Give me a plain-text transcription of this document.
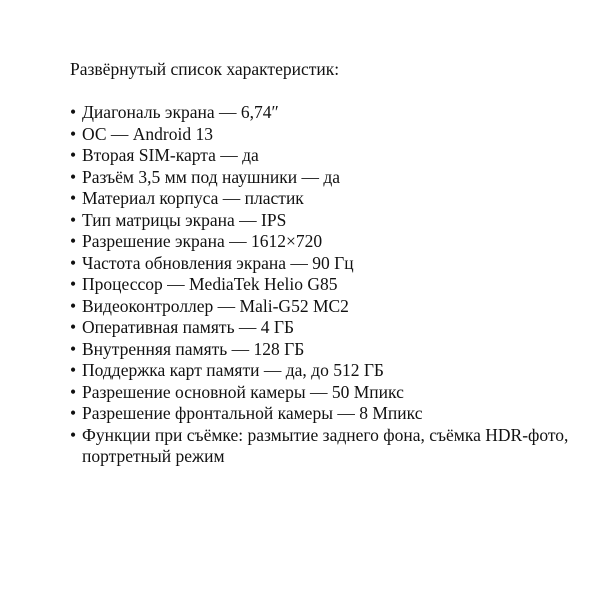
Развёрнутый список характеристик:

• Диагональ экрана — 6,74″
• ОС — Android 13
• Вторая SIM-карта — да
• Разъём 3,5 мм под наушники — да
• Материал корпуса — пластик
• Тип матрицы экрана — IPS
• Разрешение экрана — 1612×720
• Частота обновления экрана — 90 Гц
• Процессор — MediaTek Helio G85
• Видеоконтроллер — Mali-G52 MC2
• Оперативная память — 4 ГБ
• Внутренняя память — 128 ГБ
• Поддержка карт памяти — да, до 512 ГБ
• Разрешение основной камеры — 50 Мпикс
• Разрешение фронтальной камеры — 8 Мпикс
• Функции при съёмке: размытие заднего фона, съёмка HDR-фото, портретный режим
